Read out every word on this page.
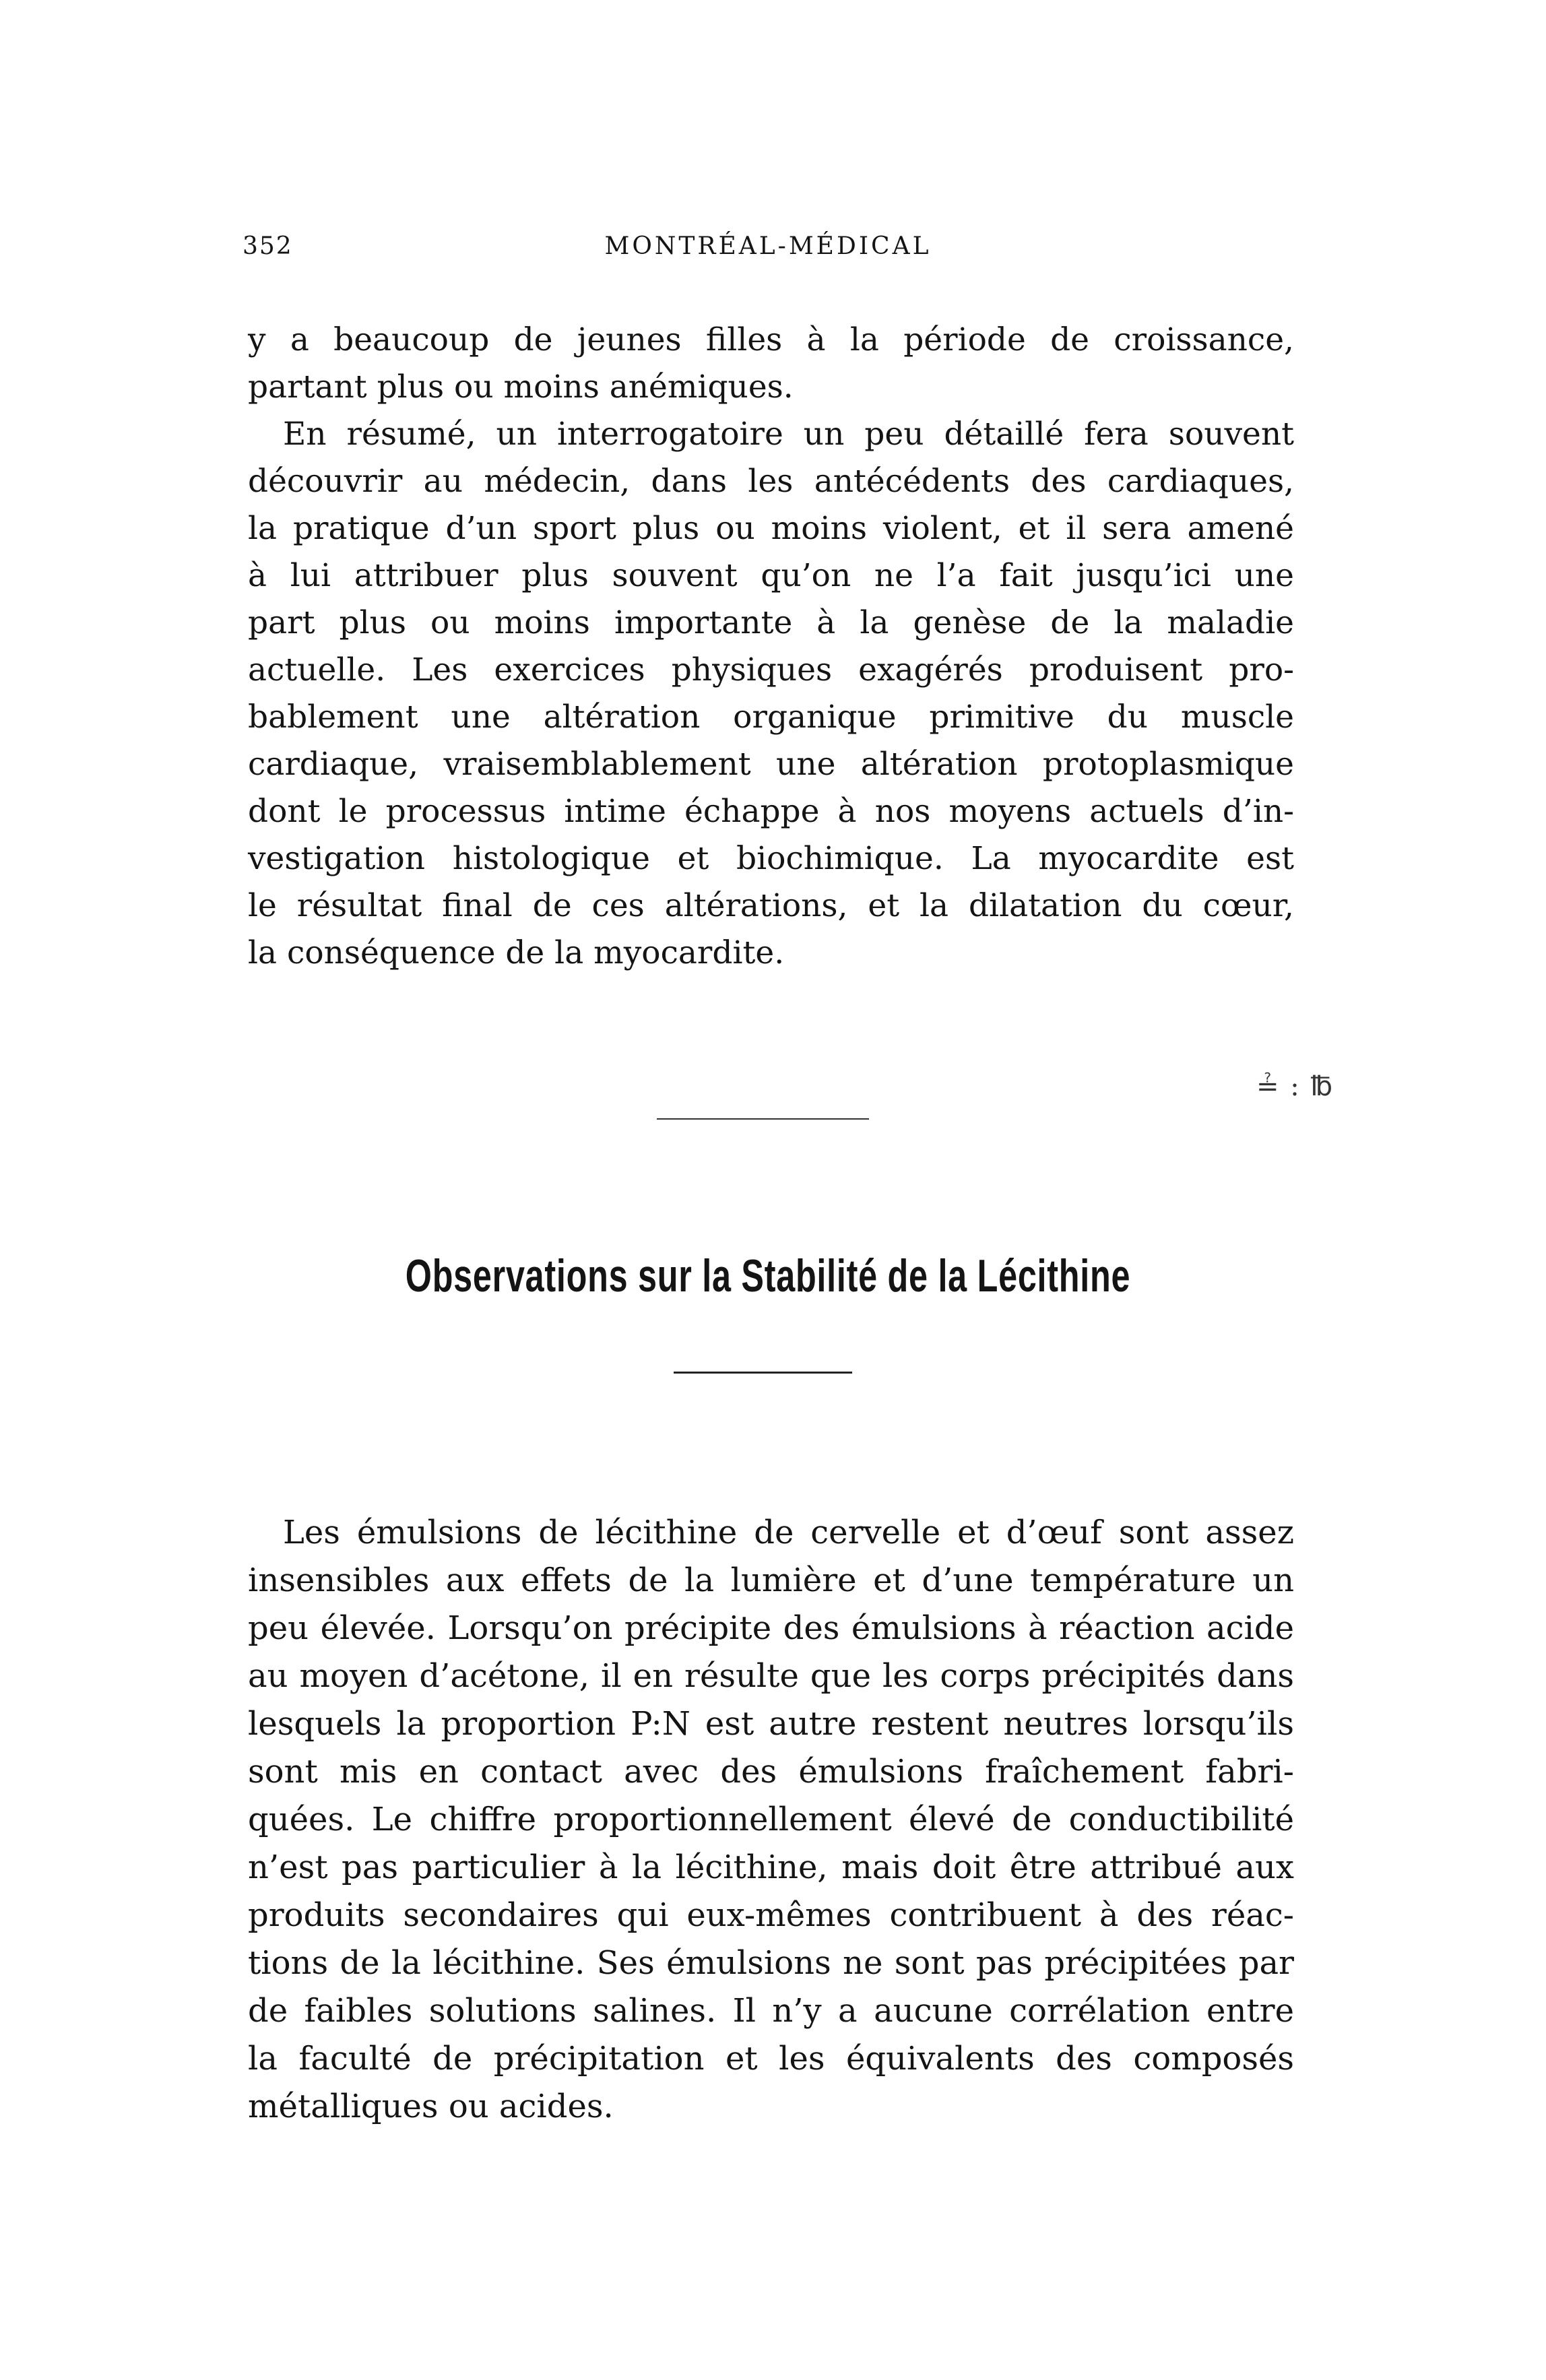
352	MONTRÉAL-MÉDICAL
y a beaucoup de jeunes filles à la période de croissance,
partant plus ou moins anémiques.
En résumé, un interrogatoire un peu détaillé fera souvent
découvrir au médecin, dans les antécédents des cardiaques,
la pratique d’un sport plus ou moins violent, et il sera amené
à lui attribuer plus souvent qu’on ne l’a fait jusqu’ici une
part plus ou moins importante à la genèse de la maladie
actuelle. Les exercices physiques exagérés produisent pro-
bablement une altération organique primitive du muscle
cardiaque, vraisemblablement une altération protoplasmique
dont le processus intime échappe à nos moyens actuels d’in-
vestigation histologique et biochimique. La myocardite est
le résultat final de ces altérations, et la dilatation du cœur,
la conséquence de la myocardite.
≟ : ℔
Observations sur la Stabilité de la Lécithine
Les émulsions de lécithine de cervelle et d’œuf sont assez
insensibles aux effets de la lumière et d’une température un
peu élevée. Lorsqu’on précipite des émulsions à réaction acide
au moyen d’acétone, il en résulte que les corps précipités dans
lesquels la proportion P:N est autre restent neutres lorsqu’ils
sont mis en contact avec des émulsions fraîchement fabri-
quées. Le chiffre proportionnellement élevé de conductibilité
n’est pas particulier à la lécithine, mais doit être attribué aux
produits secondaires qui eux-mêmes contribuent à des réac-
tions de la lécithine. Ses émulsions ne sont pas précipitées par
de faibles solutions salines. Il n’y a aucune corrélation entre
la faculté de précipitation et les équivalents des composés
métalliques ou acides.
